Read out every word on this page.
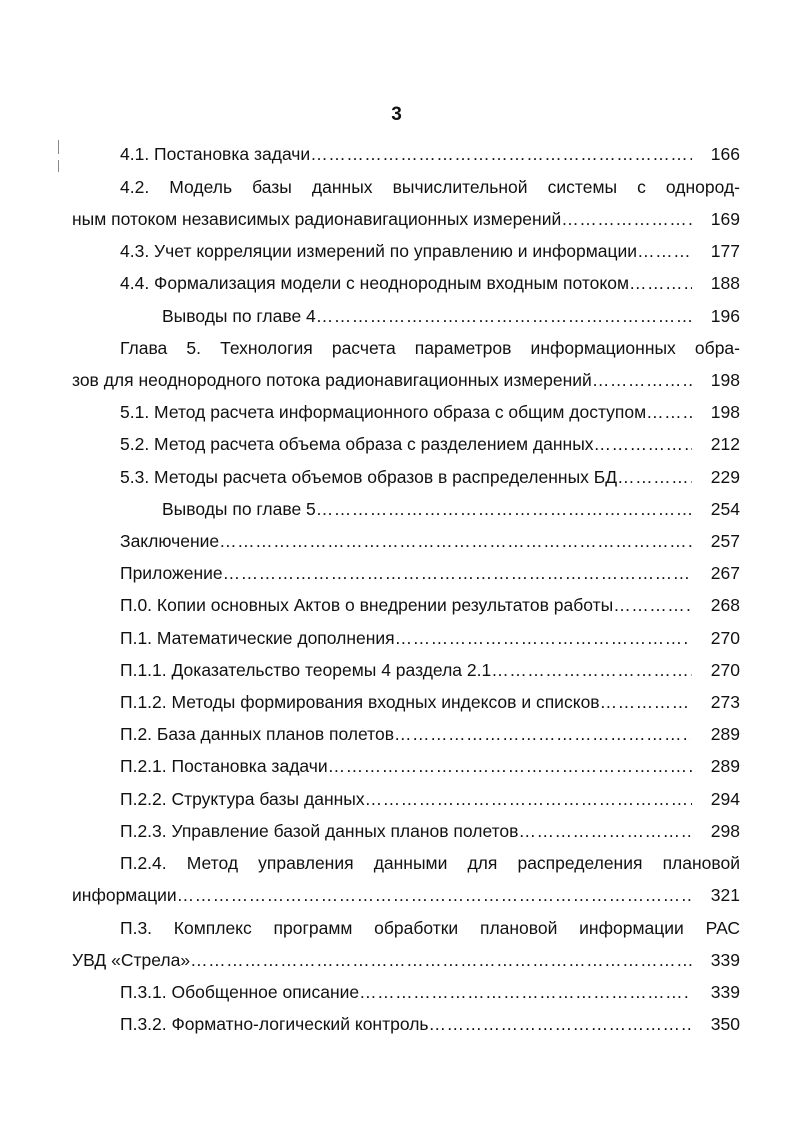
3
4.1. Постановка задачи ……………………………………………………………………………………………………………………………………………………………	166
4.2. Модель базы данных вычислительной системы с однород-
ным потоком независимых радионавигационных измерений ……………………………………………………………………………………………………………………………………………………………	169
4.3. Учет корреляции измерений по управлению и информации ……………………………………………………………………………………………………………………………………………………………	177
4.4. Формализация модели с неоднородным входным потоком ……………………………………………………………………………………………………………………………………………………………	188
Выводы по главе 4 ……………………………………………………………………………………………………………………………………………………………	196
Глава 5. Технология расчета параметров информационных обра-
зов для неоднородного потока радионавигационных измерений ……………………………………………………………………………………………………………………………………………………………	198
5.1. Метод расчета информационного образа с общим доступом ……………………………………………………………………………………………………………………………………………………………	198
5.2. Метод расчета объема образа с разделением данных ……………………………………………………………………………………………………………………………………………………………	212
5.3. Методы расчета объемов образов в распределенных БД ……………………………………………………………………………………………………………………………………………………………	229
Выводы по главе 5 ……………………………………………………………………………………………………………………………………………………………	254
Заключение ……………………………………………………………………………………………………………………………………………………………	257
Приложение ……………………………………………………………………………………………………………………………………………………………	267
П.0. Копии основных Актов о внедрении результатов работы ……………………………………………………………………………………………………………………………………………………………	268
П.1. Математические дополнения ……………………………………………………………………………………………………………………………………………………………	270
П.1.1. Доказательство теоремы 4 раздела 2.1 ……………………………………………………………………………………………………………………………………………………………	270
П.1.2. Методы формирования входных индексов и списков ……………………………………………………………………………………………………………………………………………………………	273
П.2. База данных планов полетов ……………………………………………………………………………………………………………………………………………………………	289
П.2.1. Постановка задачи ……………………………………………………………………………………………………………………………………………………………	289
П.2.2. Структура базы данных ……………………………………………………………………………………………………………………………………………………………	294
П.2.3. Управление базой данных планов полетов ……………………………………………………………………………………………………………………………………………………………	298
П.2.4. Метод управления данными для распределения плановой
информации ……………………………………………………………………………………………………………………………………………………………	321
П.3. Комплекс программ обработки плановой информации РАС
УВД «Стрела» ……………………………………………………………………………………………………………………………………………………………	339
П.3.1. Обобщенное описание ……………………………………………………………………………………………………………………………………………………………	339
П.3.2. Форматно-логический контроль ……………………………………………………………………………………………………………………………………………………………	350
